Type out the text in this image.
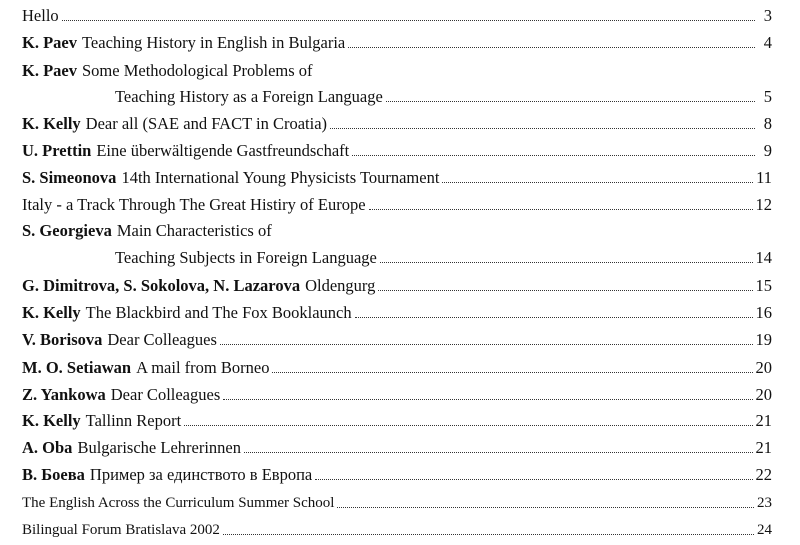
Hello	3
K. Paev Teaching History in English in Bulgaria	4
K. Paev Some Methodological Problems of
Teaching History as a Foreign Language	5
K. Kelly Dear all (SAE and FACT in Croatia)	8
U. Prettin Eine überwältigende Gastfreundschaft	9
S. Simeonova 14th International Young Physicists Tournament	11
Italy - a Track Through The Great Histiry of Europe	12
S. Georgieva Main Characteristics of
Teaching Subjects in Foreign Language	14
G. Dimitrova, S. Sokolova, N. Lazarova Oldengurg	15
K. Kelly The Blackbird and The Fox Booklaunch	16
V. Borisova Dear Colleagues	19
M. O. Setiawan A mail from Borneo	20
Z. Yankowa Dear Colleagues	20
K. Kelly Tallinn Report	21
A. Oba Bulgarische Lehrerinnen	21
B. Боева Пример за единството в Европа	22
The English Across the Curriculum Summer School	23
Bilingual Forum Bratislava 2002	24
